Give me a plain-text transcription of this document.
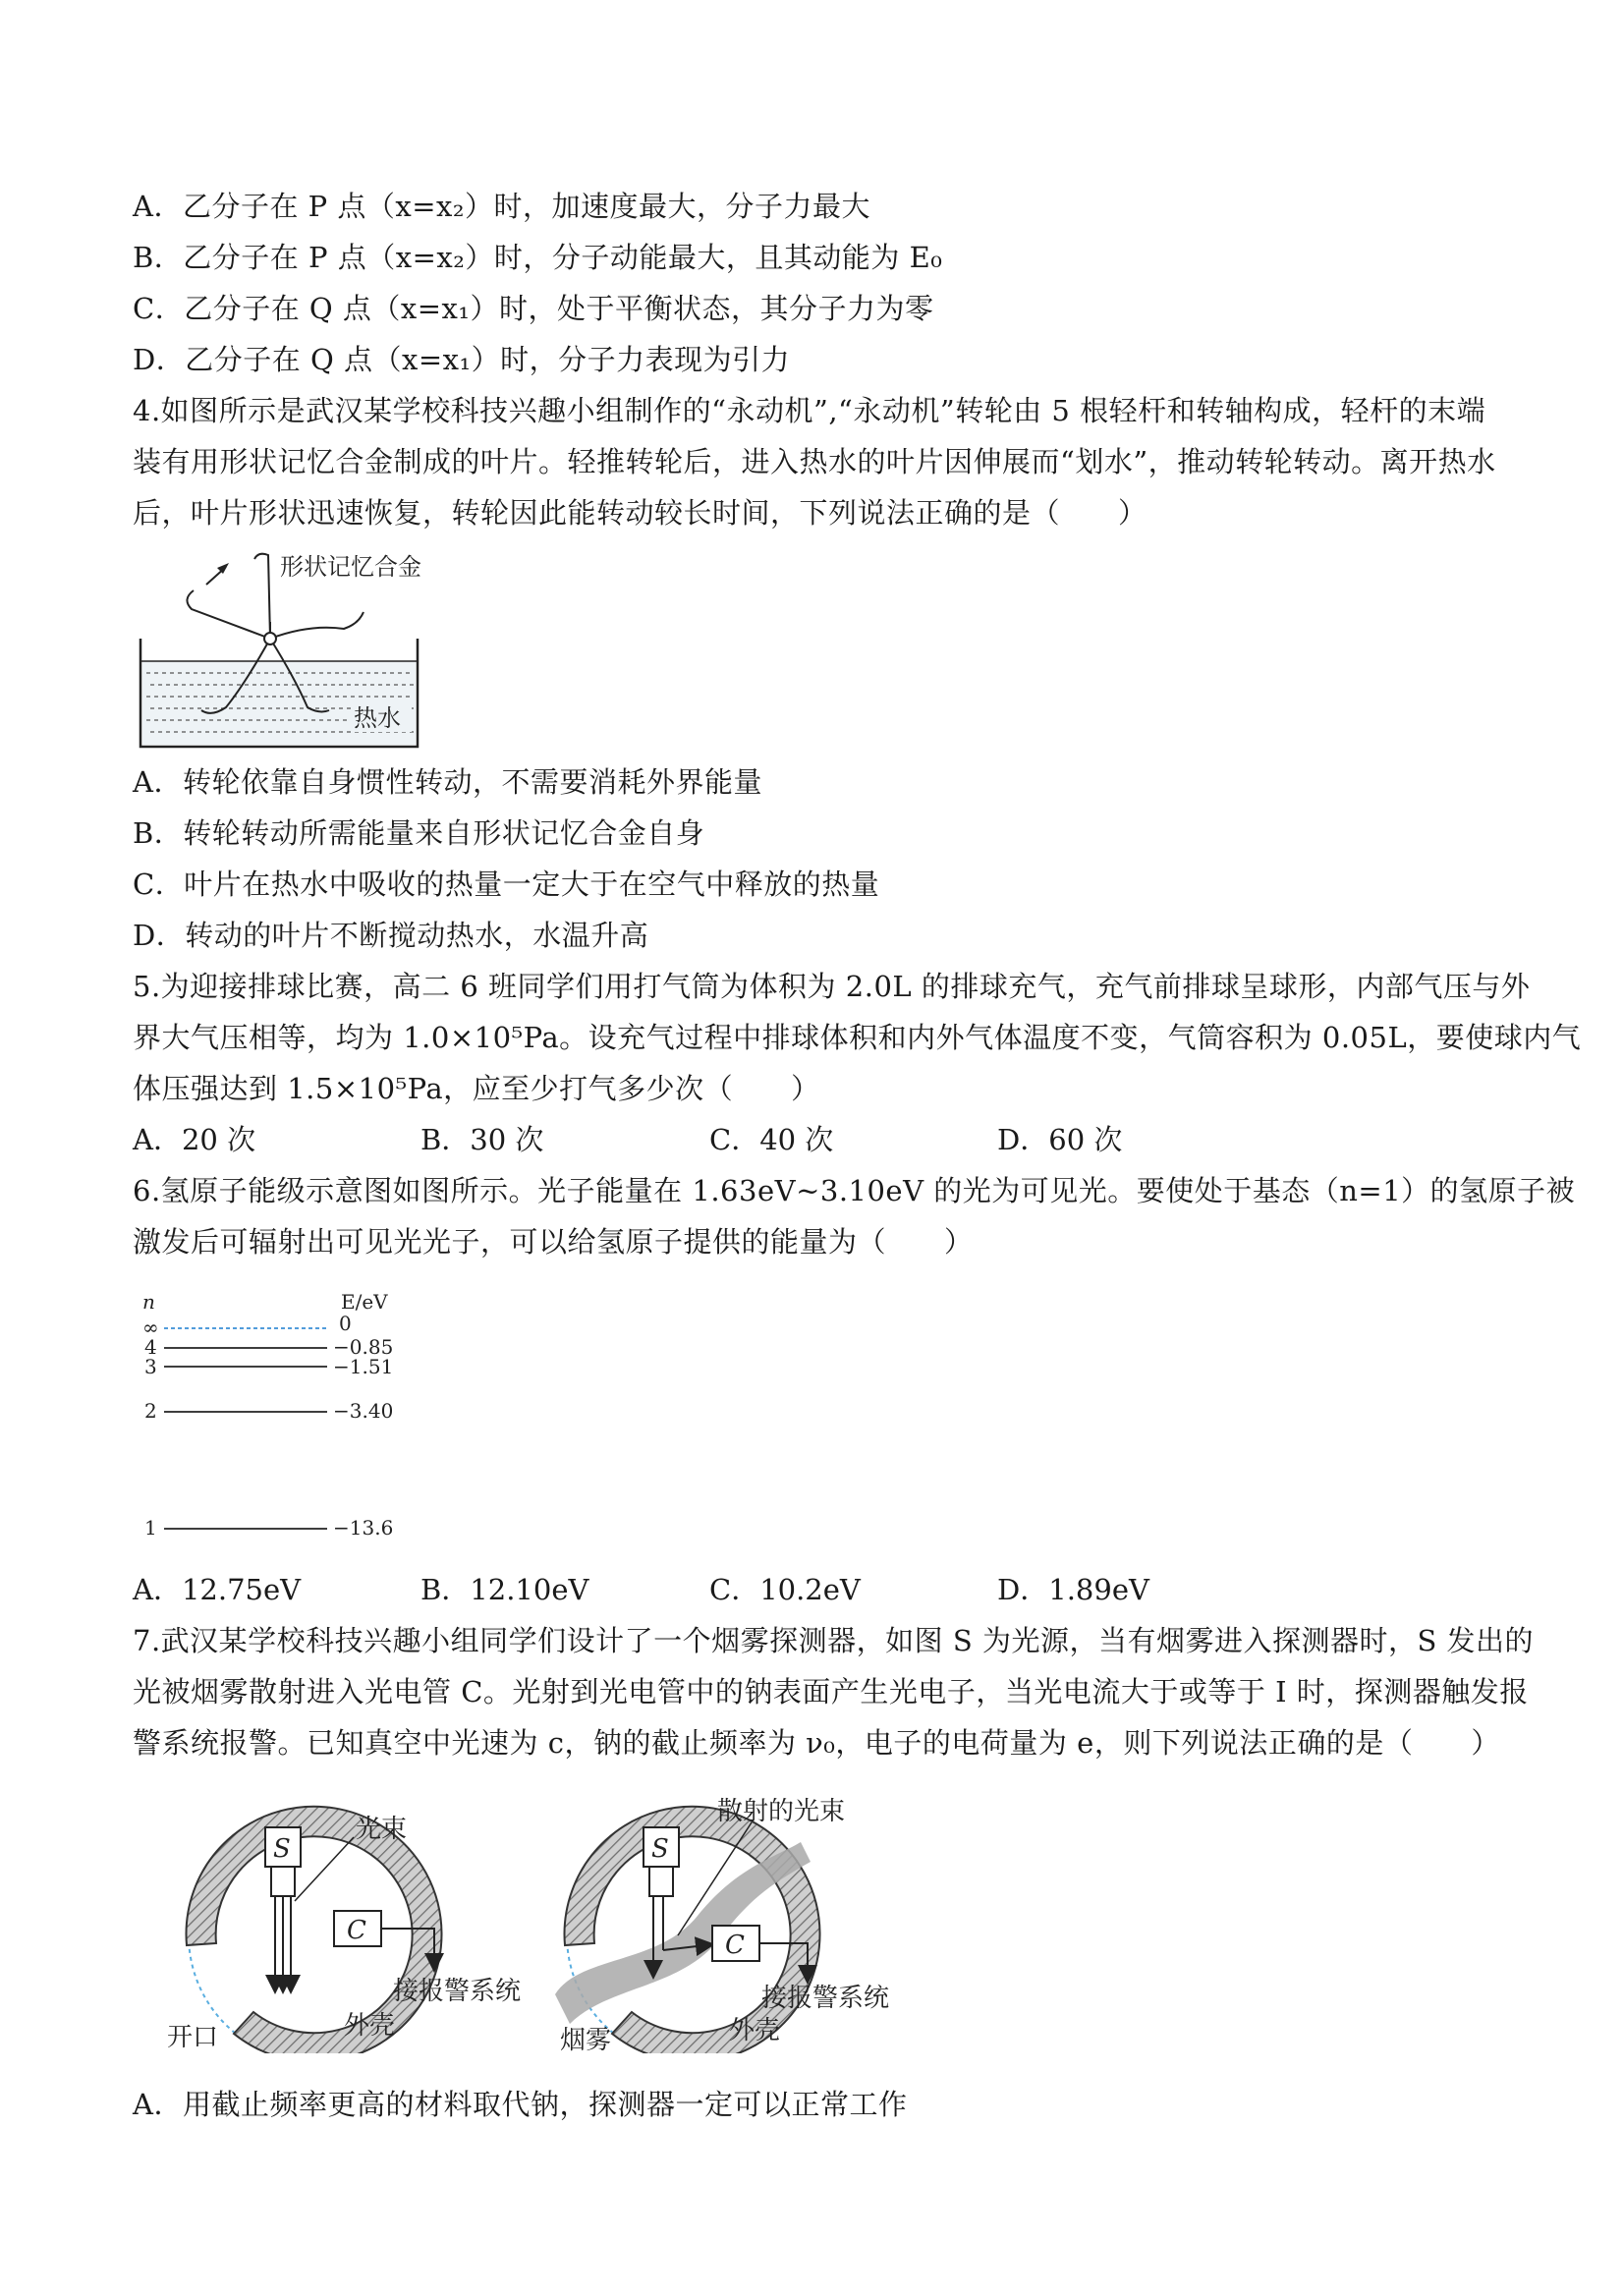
A．乙分子在 P 点（x=x₂）时，加速度最大，分子力最大
B．乙分子在 P 点（x=x₂）时，分子动能最大，且其动能为 E₀
C．乙分子在 Q 点（x=x₁）时，处于平衡状态，其分子力为零
D．乙分子在 Q 点（x=x₁）时，分子力表现为引力
4.如图所示是武汉某学校科技兴趣小组制作的“永动机”,“永动机”转轮由 5 根轻杆和转轴构成，轻杆的末端
装有用形状记忆合金制成的叶片。轻推转轮后，进入热水的叶片因伸展而“划水”，推动转轮转动。离开热水
后，叶片形状迅速恢复，转轮因此能转动较长时间，下列说法正确的是（　　）
形状记忆合金
热水
A．转轮依靠自身惯性转动，不需要消耗外界能量
B．转轮转动所需能量来自形状记忆合金自身
C．叶片在热水中吸收的热量一定大于在空气中释放的热量
D．转动的叶片不断搅动热水，水温升高
5.为迎接排球比赛，高二 6 班同学们用打气筒为体积为 2.0L 的排球充气，充气前排球呈球形，内部气压与外
界大气压相等，均为 1.0×10⁵Pa。设充气过程中排球体积和内外气体温度不变，气筒容积为 0.05L，要使球内气
体压强达到 1.5×10⁵Pa，应至少打气多少次（　　）
A．20 次	B．30 次	C．40 次	D．60 次
6.氢原子能级示意图如图所示。光子能量在 1.63eV~3.10eV 的光为可见光。要使处于基态（n=1）的氢原子被
激发后可辐射出可见光光子，可以给氢原子提供的能量为（　　）
n	E/eV
∞	0
4	−0.85
3	−1.51
2	−3.40
1	−13.6
A．12.75eV	B．12.10eV	C．10.2eV	D．1.89eV
7.武汉某学校科技兴趣小组同学们设计了一个烟雾探测器，如图 S 为光源，当有烟雾进入探测器时，S 发出的
光被烟雾散射进入光电管 C。光射到光电管中的钠表面产生光电子，当光电流大于或等于 I 时，探测器触发报
警系统报警。已知真空中光速为 c，钠的截止频率为 ν₀，电子的电荷量为 e，则下列说法正确的是（　　）
S
光束
C
接报警系统
外壳
开口
S
散射的光束
C
接报警系统
外壳
烟雾
A．用截止频率更高的材料取代钠，探测器一定可以正常工作
